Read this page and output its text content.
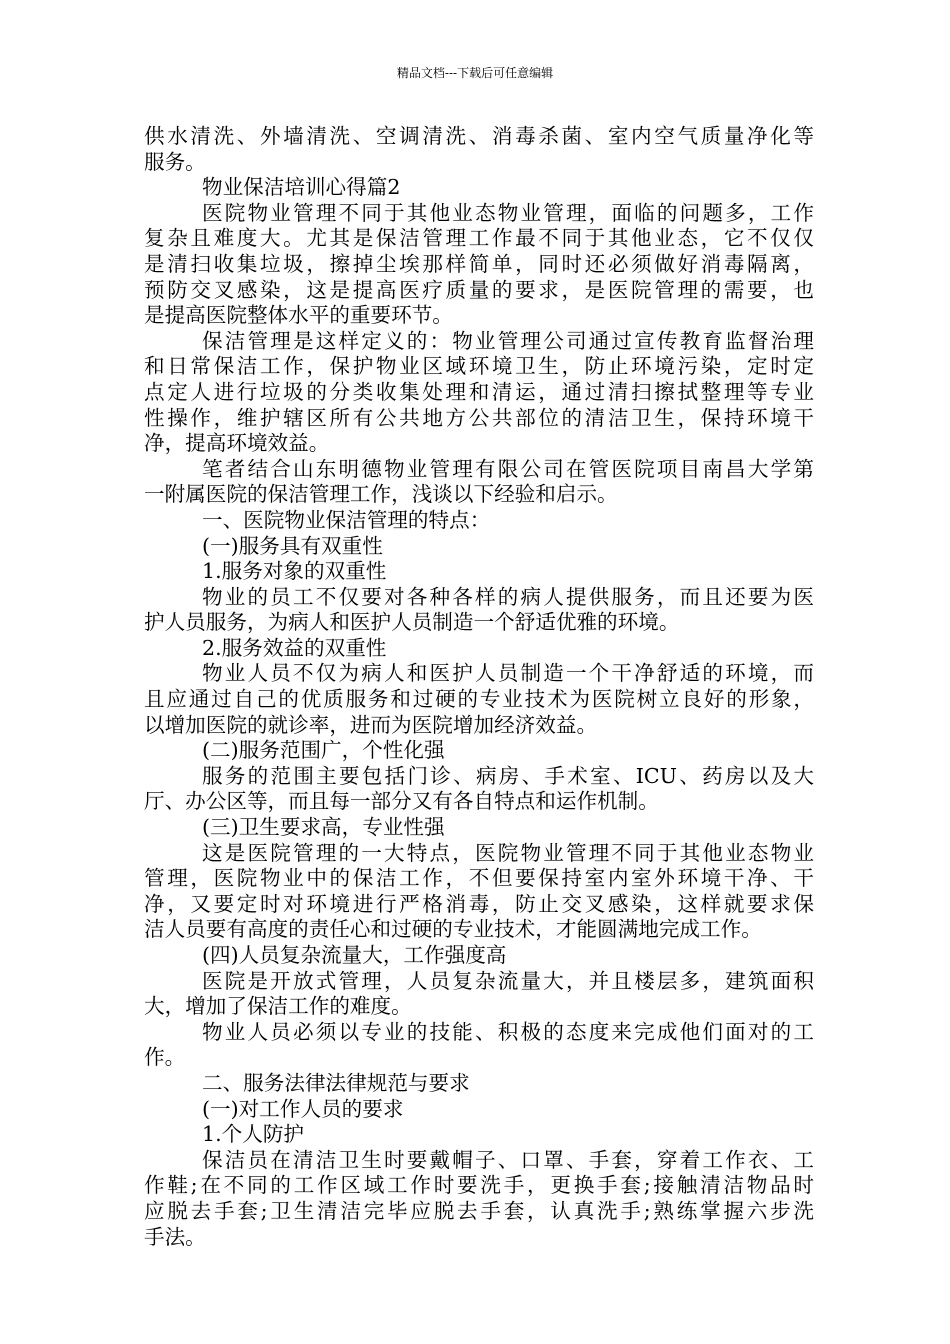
精品文档---下载后可任意编辑
供水清洗、外墙清洗、空调清洗、消毒杀菌、室内空气质量净化等
服务。
物业保洁培训心得篇2
医院物业管理不同于其他业态物业管理，面临的问题多，工作
复杂且难度大。尤其是保洁管理工作最不同于其他业态，它不仅仅
是清扫收集垃圾，擦掉尘埃那样简单，同时还必须做好消毒隔离，
预防交叉感染，这是提高医疗质量的要求，是医院管理的需要，也
是提高医院整体水平的重要环节。
保洁管理是这样定义的：物业管理公司通过宣传教育监督治理
和日常保洁工作，保护物业区域环境卫生，防止环境污染，定时定
点定人进行垃圾的分类收集处理和清运，通过清扫擦拭整理等专业
性操作，维护辖区所有公共地方公共部位的清洁卫生，保持环境干
净，提高环境效益。
笔者结合山东明德物业管理有限公司在管医院项目南昌大学第
一附属医院的保洁管理工作，浅谈以下经验和启示。
一、医院物业保洁管理的特点：
(一)服务具有双重性
1.服务对象的双重性
物业的员工不仅要对各种各样的病人提供服务，而且还要为医
护人员服务，为病人和医护人员制造一个舒适优雅的环境。
2.服务效益的双重性
物业人员不仅为病人和医护人员制造一个干净舒适的环境，而
且应通过自己的优质服务和过硬的专业技术为医院树立良好的形象，
以增加医院的就诊率，进而为医院增加经济效益。
(二)服务范围广，个性化强
服务的范围主要包括门诊、病房、手术室、ICU、药房以及大
厅、办公区等，而且每一部分又有各自特点和运作机制。
(三)卫生要求高，专业性强
这是医院管理的一大特点，医院物业管理不同于其他业态物业
管理，医院物业中的保洁工作，不但要保持室内室外环境干净、干
净，又要定时对环境进行严格消毒，防止交叉感染，这样就要求保
洁人员要有高度的责任心和过硬的专业技术，才能圆满地完成工作。
(四)人员复杂流量大，工作强度高
医院是开放式管理，人员复杂流量大，并且楼层多，建筑面积
大，增加了保洁工作的难度。
物业人员必须以专业的技能、积极的态度来完成他们面对的工
作。
二、服务法律法律规范与要求
(一)对工作人员的要求
1.个人防护
保洁员在清洁卫生时要戴帽子、口罩、手套，穿着工作衣、工
作鞋;在不同的工作区域工作时要洗手，更换手套;接触清洁物品时
应脱去手套;卫生清洁完毕应脱去手套，认真洗手;熟练掌握六步洗
手法。
